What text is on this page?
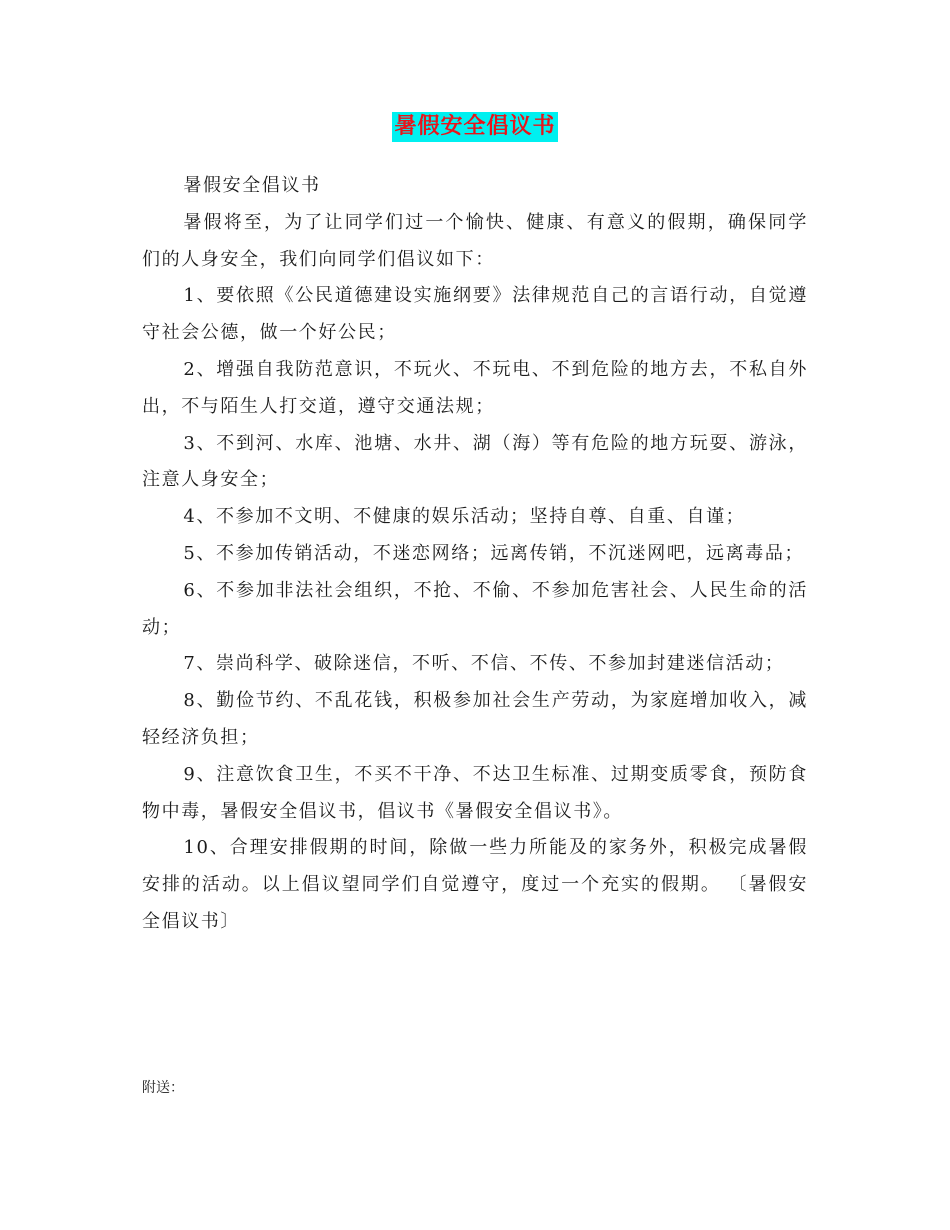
暑假安全倡议书

暑假安全倡议书

暑假将至，为了让同学们过一个愉快、健康、有意义的假期，确保同学们的人身安全，我们向同学们倡议如下：

1、要依照《公民道德建设实施纲要》法律规范自己的言语行动，自觉遵守社会公德，做一个好公民；

2、增强自我防范意识，不玩火、不玩电、不到危险的地方去，不私自外出，不与陌生人打交道，遵守交通法规；

3、不到河、水库、池塘、水井、湖（海）等有危险的地方玩耍、游泳，注意人身安全；

4、不参加不文明、不健康的娱乐活动；坚持自尊、自重、自谨；

5、不参加传销活动，不迷恋网络；远离传销，不沉迷网吧，远离毒品；

6、不参加非法社会组织，不抢、不偷、不参加危害社会、人民生命的活动；

7、崇尚科学、破除迷信，不听、不信、不传、不参加封建迷信活动；

8、勤俭节约、不乱花钱，积极参加社会生产劳动，为家庭增加收入，减轻经济负担；

9、注意饮食卫生，不买不干净、不达卫生标准、过期变质零食，预防食物中毒，暑假安全倡议书，倡议书《暑假安全倡议书》。

10、合理安排假期的时间，除做一些力所能及的家务外，积极完成暑假安排的活动。以上倡议望同学们自觉遵守，度过一个充实的假期。 〔暑假安全倡议书〕

附送：
